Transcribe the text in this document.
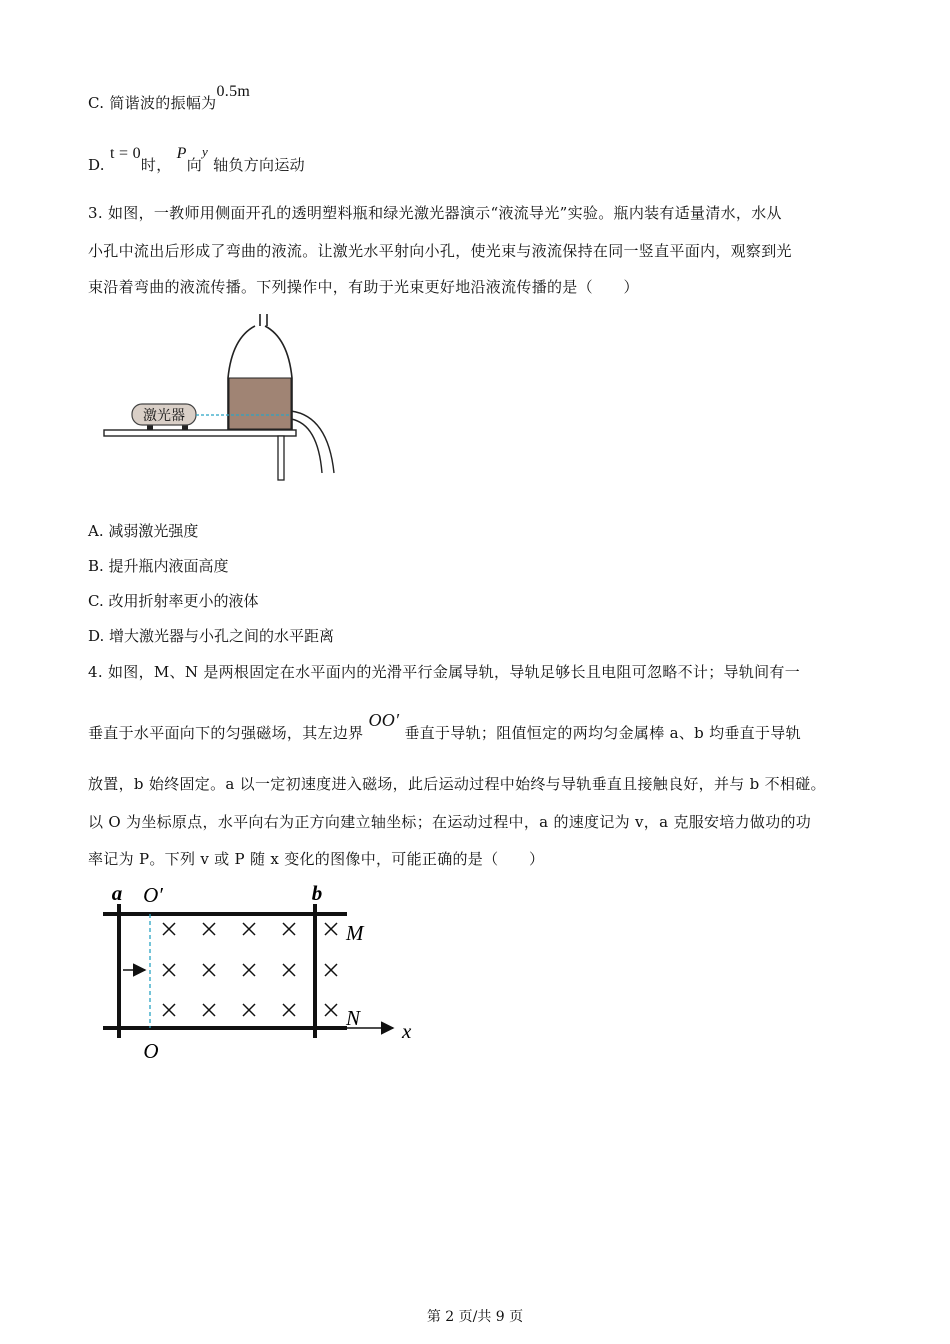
C. 简谐波的振幅为0.5m
D. t = 0时， P向y 轴负方向运动
3. 如图，一教师用侧面开孔的透明塑料瓶和绿光激光器演示“液流导光”实验。瓶内装有适量清水，水从
小孔中流出后形成了弯曲的液流。让激光水平射向小孔，使光束与液流保持在同一竖直平面内，观察到光
束沿着弯曲的液流传播。下列操作中，有助于光束更好地沿液流传播的是（　　）
激光器
A. 减弱激光强度
B. 提升瓶内液面高度
C. 改用折射率更小的液体
D. 增大激光器与小孔之间的水平距离
4. 如图，M、N 是两根固定在水平面内的光滑平行金属导轨，导轨足够长且电阻可忽略不计；导轨间有一
垂直于水平面向下的匀强磁场，其左边界 OO′ 垂直于导轨；阻值恒定的两均匀金属棒 a、b 均垂直于导轨
放置，b 始终固定。a 以一定初速度进入磁场，此后运动过程中始终与导轨垂直且接触良好，并与 b 不相碰。
以 O 为坐标原点，水平向右为正方向建立轴坐标；在运动过程中，a 的速度记为 v，a 克服安培力做功的功
率记为 P。下列 v 或 P 随 x 变化的图像中，可能正确的是（　　）
a O′	b
M
N
O
x
第 2 页/共 9 页
